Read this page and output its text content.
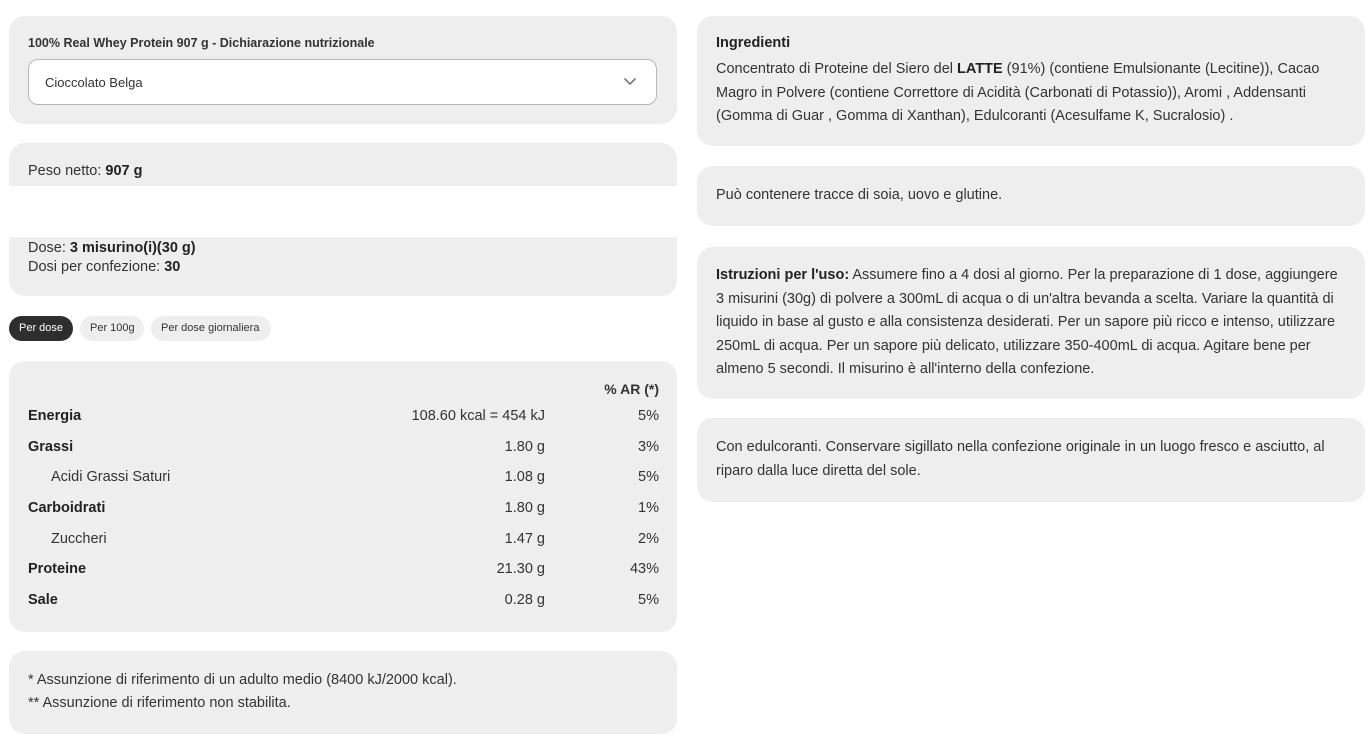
100% Real Whey Protein 907 g - Dichiarazione nutrizionale
Cioccolato Belga
Peso netto: 907 g
Dose: 3 misurino(i)(30 g)
Dosi per confezione: 30
Per dose	Per 100g	Per dose giornaliera
% AR (*)
Energia	108.60 kcal = 454 kJ	5%
Grassi	1.80 g	3%
Acidi Grassi Saturi	1.08 g	5%
Carboidrati	1.80 g	1%
Zuccheri	1.47 g	2%
Proteine	21.30 g	43%
Sale	0.28 g	5%
* Assunzione di riferimento di un adulto medio (8400 kJ/2000 kcal).
** Assunzione di riferimento non stabilita.
Ingredienti
Concentrato di Proteine del Siero del LATTE (91%) (contiene Emulsionante (Lecitine)), Cacao Magro in Polvere (contiene Correttore di Acidità (Carbonati di Potassio)), Aromi , Addensanti (Gomma di Guar , Gomma di Xanthan), Edulcoranti (Acesulfame K, Sucralosio) .
Può contenere tracce di soia, uovo e glutine.
Istruzioni per l'uso: Assumere fino a 4 dosi al giorno. Per la preparazione di 1 dose, aggiungere 3 misurini (30g) di polvere a 300mL di acqua o di un'altra bevanda a scelta. Variare la quantità di liquido in base al gusto e alla consistenza desiderati. Per un sapore più ricco e intenso, utilizzare 250mL di acqua. Per un sapore più delicato, utilizzare 350-400mL di acqua. Agitare bene per almeno 5 secondi. Il misurino è all'interno della confezione.
Con edulcoranti. Conservare sigillato nella confezione originale in un luogo fresco e asciutto, al riparo dalla luce diretta del sole.
